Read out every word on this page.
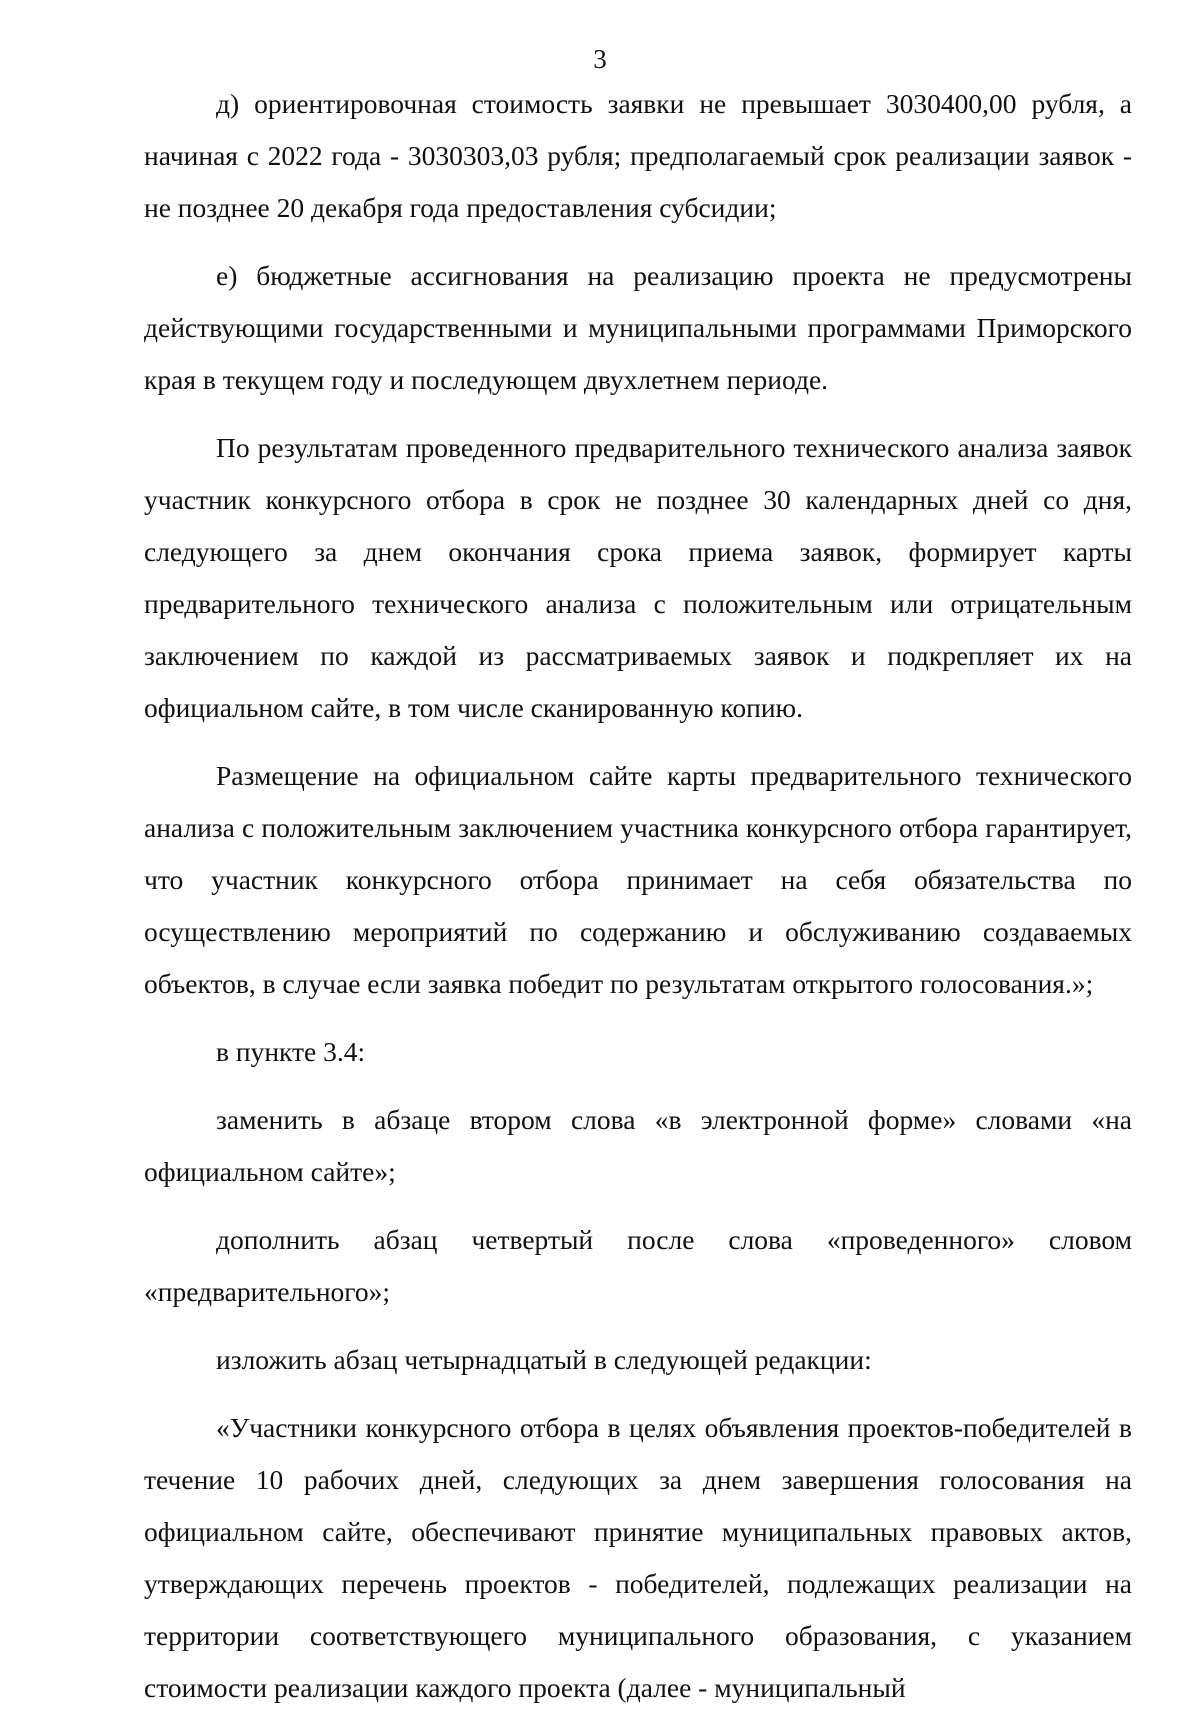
3

д) ориентировочная стоимость заявки не превышает 3030400,00 рубля, а начиная с 2022 года - 3030303,03 рубля; предполагаемый срок реализации заявок - не позднее 20 декабря года предоставления субсидии;

е) бюджетные ассигнования на реализацию проекта не предусмотрены действующими государственными и муниципальными программами Приморского края в текущем году и последующем двухлетнем периоде.

По результатам проведенного предварительного технического анализа заявок участник конкурсного отбора в срок не позднее 30 календарных дней со дня, следующего за днем окончания срока приема заявок, формирует карты предварительного технического анализа с положительным или отрицательным заключением по каждой из рассматриваемых заявок и подкрепляет их на официальном сайте, в том числе сканированную копию.

Размещение на официальном сайте карты предварительного технического анализа с положительным заключением участника конкурсного отбора гарантирует, что участник конкурсного отбора принимает на себя обязательства по осуществлению мероприятий по содержанию и обслуживанию создаваемых объектов, в случае если заявка победит по результатам открытого голосования.»;

в пункте 3.4:

заменить в абзаце втором слова «в электронной форме» словами «на официальном сайте»;

дополнить абзац четвертый после слова «проведенного» словом «предварительного»;

изложить абзац четырнадцатый в следующей редакции:

«Участники конкурсного отбора в целях объявления проектов-победителей в течение 10 рабочих дней, следующих за днем завершения голосования на официальном сайте, обеспечивают принятие муниципальных правовых актов, утверждающих перечень проектов - победителей, подлежащих реализации на территории соответствующего муниципального образования, с указанием стоимости реализации каждого проекта (далее - муниципальный
